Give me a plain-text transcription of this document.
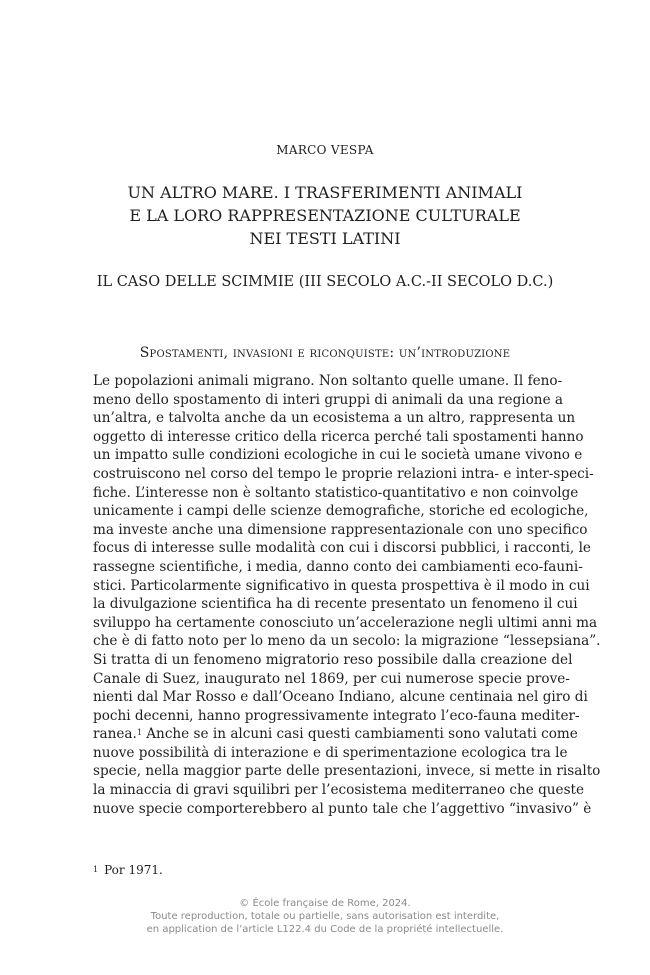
MARCO VESPA
UN ALTRO MARE. I TRASFERIMENTI ANIMALI
E LA LORO RAPPRESENTAZIONE CULTURALE
NEI TESTI LATINI
IL CASO DELLE SCIMMIE (III SECOLO A.C.-II SECOLO D.C.)
Spostamenti, invasioni e riconquiste: un’introduzione
Le popolazioni animali migrano. Non soltanto quelle umane. Il feno-
meno dello spostamento di interi gruppi di animali da una regione a
un’altra, e talvolta anche da un ecosistema a un altro, rappresenta un
oggetto di interesse critico della ricerca perché tali spostamenti hanno
un impatto sulle condizioni ecologiche in cui le società umane vivono e
costruiscono nel corso del tempo le proprie relazioni intra- e inter-speci-
fiche. L’interesse non è soltanto statistico-quantitativo e non coinvolge
unicamente i campi delle scienze demografiche, storiche ed ecologiche,
ma investe anche una dimensione rappresentazionale con uno specifico
focus di interesse sulle modalità con cui i discorsi pubblici, i racconti, le
rassegne scientifiche, i media, danno conto dei cambiamenti eco-fauni-
stici. Particolarmente significativo in questa prospettiva è il modo in cui
la divulgazione scientifica ha di recente presentato un fenomeno il cui
sviluppo ha certamente conosciuto un’accelerazione negli ultimi anni ma
che è di fatto noto per lo meno da un secolo: la migrazione “lessepsiana”.
Si tratta di un fenomeno migratorio reso possibile dalla creazione del
Canale di Suez, inaugurato nel 1869, per cui numerose specie prove-
nienti dal Mar Rosso e dall’Oceano Indiano, alcune centinaia nel giro di
pochi decenni, hanno progressivamente integrato l’eco-fauna mediter-
ranea.$^1$ Anche se in alcuni casi questi cambiamenti sono valutati come
nuove possibilità di interazione e di sperimentazione ecologica tra le
specie, nella maggior parte delle presentazioni, invece, si mette in risalto
la minaccia di gravi squilibri per l’ecosistema mediterraneo che queste
nuove specie comporterebbero al punto tale che l’aggettivo “invasivo” è
$^1$ Por 1971.
© École française de Rome, 2024.
Toute reproduction, totale ou partielle, sans autorisation est interdite,
en application de l’article L122.4 du Code de la propriété intellectuelle.
